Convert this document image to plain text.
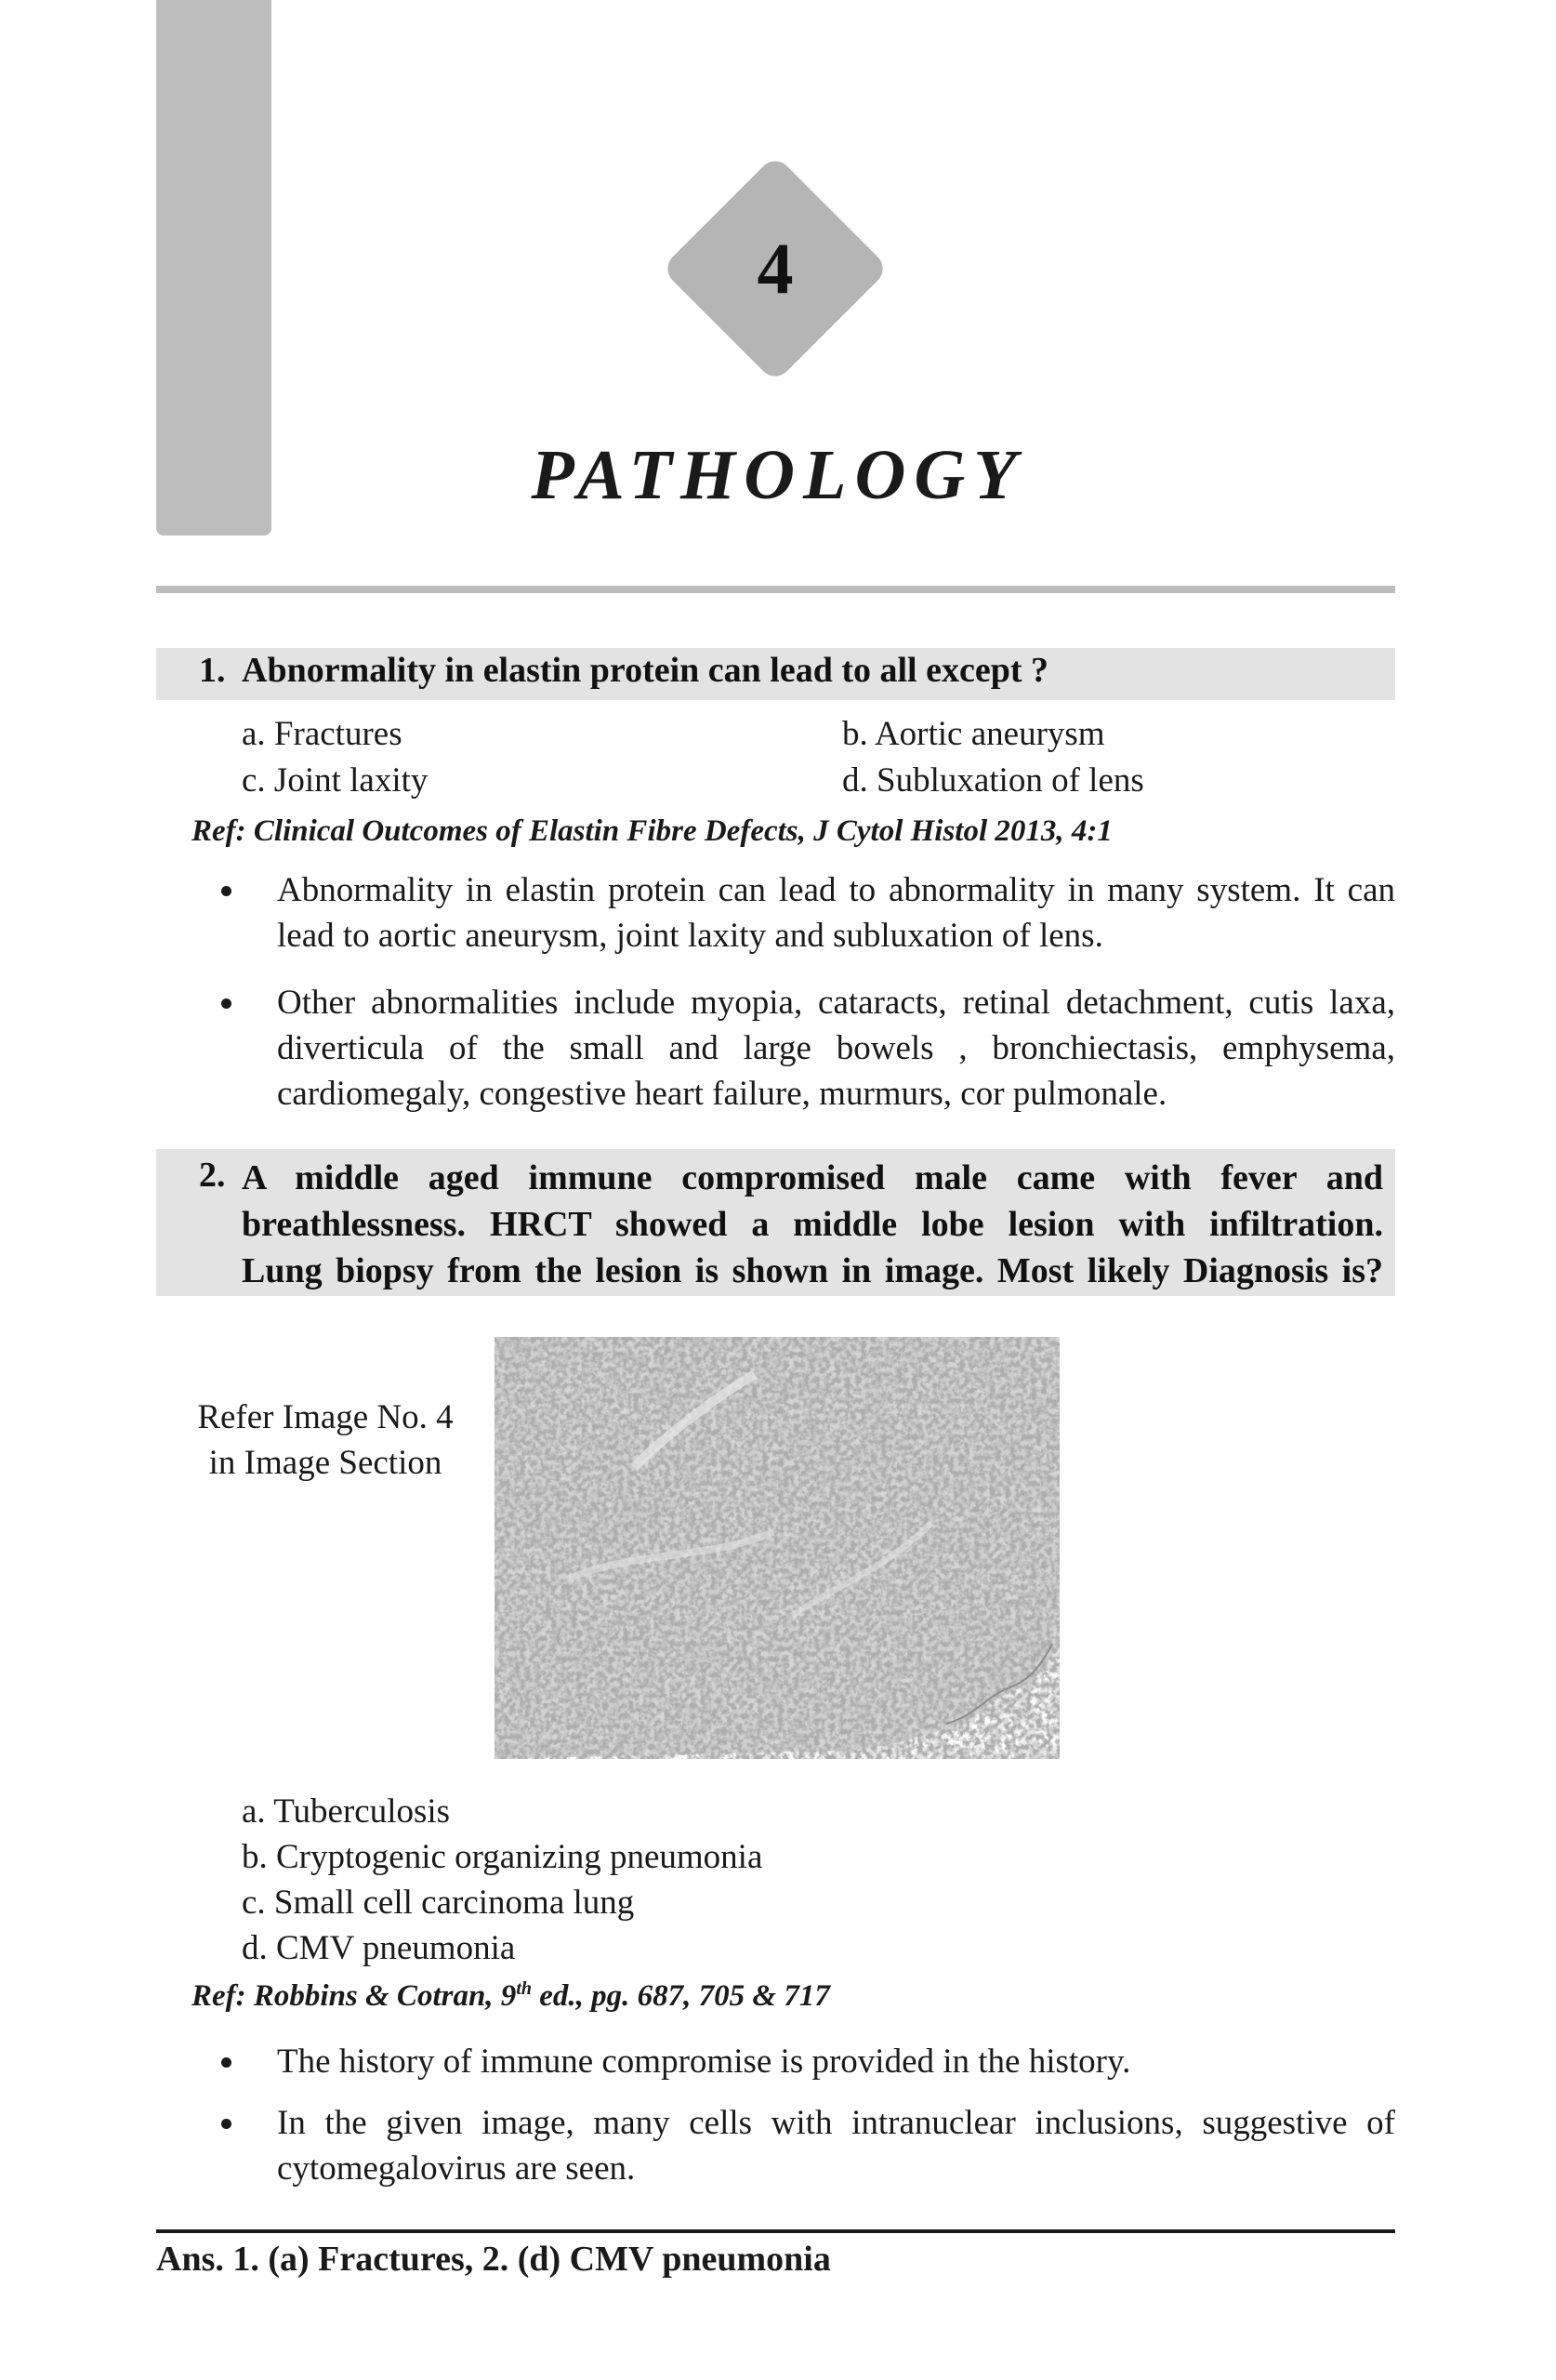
4
PATHOLOGY
1. Abnormality in elastin protein can lead to all except ?
a. Fractures	b. Aortic aneurysm
c. Joint laxity	d. Subluxation of lens
Ref: Clinical Outcomes of Elastin Fibre Defects, J Cytol Histol 2013, 4:1
Abnormality in elastin protein can lead to abnormality in many system. It can lead to aortic aneurysm, joint laxity and subluxation of lens.
Other abnormalities include myopia, cataracts, retinal detachment, cutis laxa, diverticula of the small and large bowels , bronchiectasis, emphysema, cardiomegaly, congestive heart failure, murmurs, cor pulmonale.
2. A middle aged immune compromised male came with fever and
breathlessness. HRCT showed a middle lobe lesion with infiltration.
Lung biopsy from the lesion is shown in image. Most likely Diagnosis is?
Refer Image No. 4
in Image Section
a. Tuberculosis
b. Cryptogenic organizing pneumonia
c. Small cell carcinoma lung
d. CMV pneumonia
Ref: Robbins & Cotran, 9th ed., pg. 687, 705 & 717
The history of immune compromise is provided in the history.
In the given image, many cells with intranuclear inclusions, suggestive of cytomegalovirus are seen.
Ans. 1. (a) Fractures, 2. (d) CMV pneumonia
